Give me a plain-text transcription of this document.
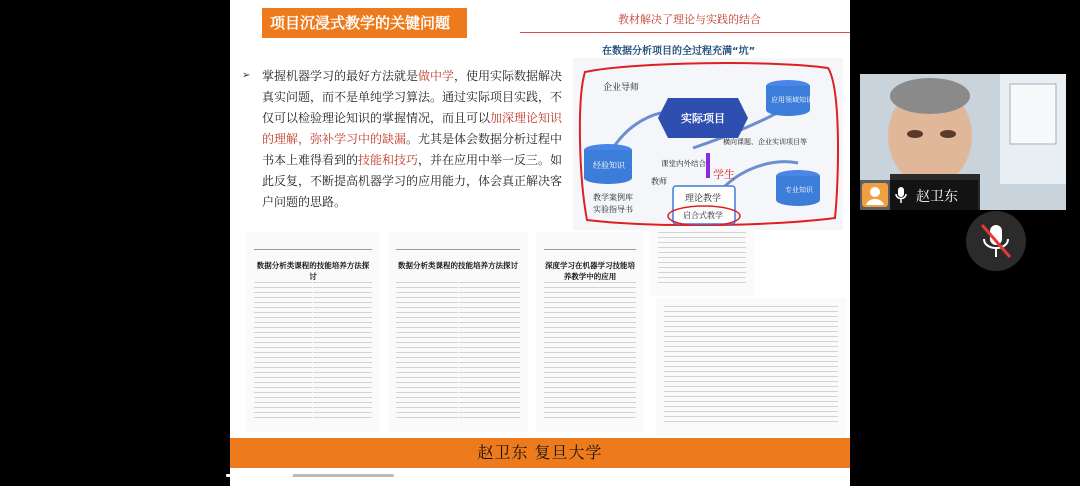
项目沉浸式教学的关键问题	教材解决了理论与实践的结合
在数据分析项目的全过程充满“坑”
➢ 掌握机器学习的最好方法就是做中学，使用实际数据解决真实问题，而不是单纯学习算法。通过实际项目实践，不仅可以检验理论知识的掌握情况，而且可以加深理论知识的理解，弥补学习中的缺漏。尤其是体会数据分析过程中书本上难得看到的技能和技巧，并在应用中举一反三。如此反复，不断提高机器学习的应用能力，体会真正解决客户问题的思路。
企业导师
实际项目
应用领域知识
横向课题、企业实训项目等
课堂内外结合
经验知识
教师
学生
理论教学
启合式教学
专业知识
教学案例库
实验指导书
数据分析类课程的技能培养方法探讨
数据分析类课程的技能培养方法探讨	深度学习在机器学习技能培养教学中的应用
赵卫东 复旦大学
赵卫东
